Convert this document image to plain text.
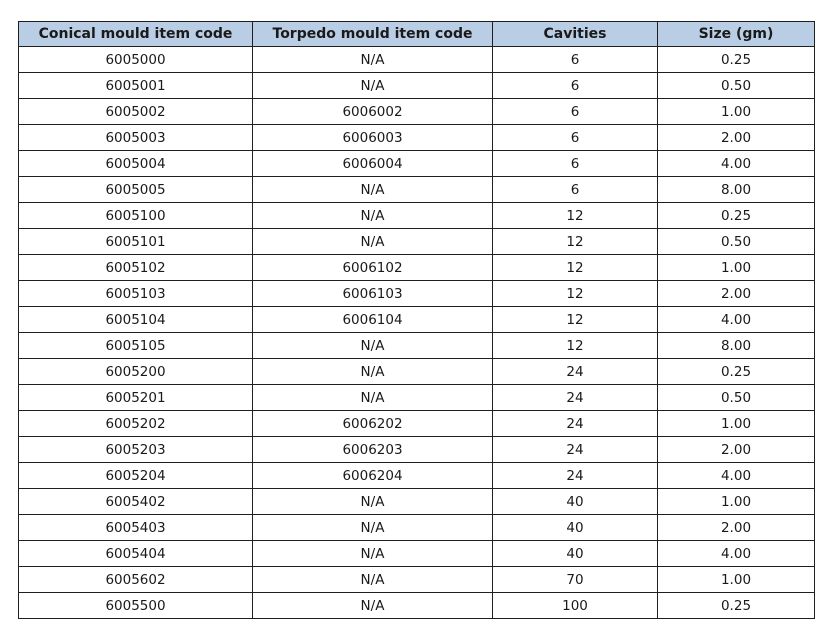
Conical mould item code	Torpedo mould item code	Cavities	Size (gm)
6005000	N/A	6	0.25
6005001	N/A	6	0.50
6005002	6006002	6	1.00
6005003	6006003	6	2.00
6005004	6006004	6	4.00
6005005	N/A	6	8.00
6005100	N/A	12	0.25
6005101	N/A	12	0.50
6005102	6006102	12	1.00
6005103	6006103	12	2.00
6005104	6006104	12	4.00
6005105	N/A	12	8.00
6005200	N/A	24	0.25
6005201	N/A	24	0.50
6005202	6006202	24	1.00
6005203	6006203	24	2.00
6005204	6006204	24	4.00
6005402	N/A	40	1.00
6005403	N/A	40	2.00
6005404	N/A	40	4.00
6005602	N/A	70	1.00
6005500	N/A	100	0.25
